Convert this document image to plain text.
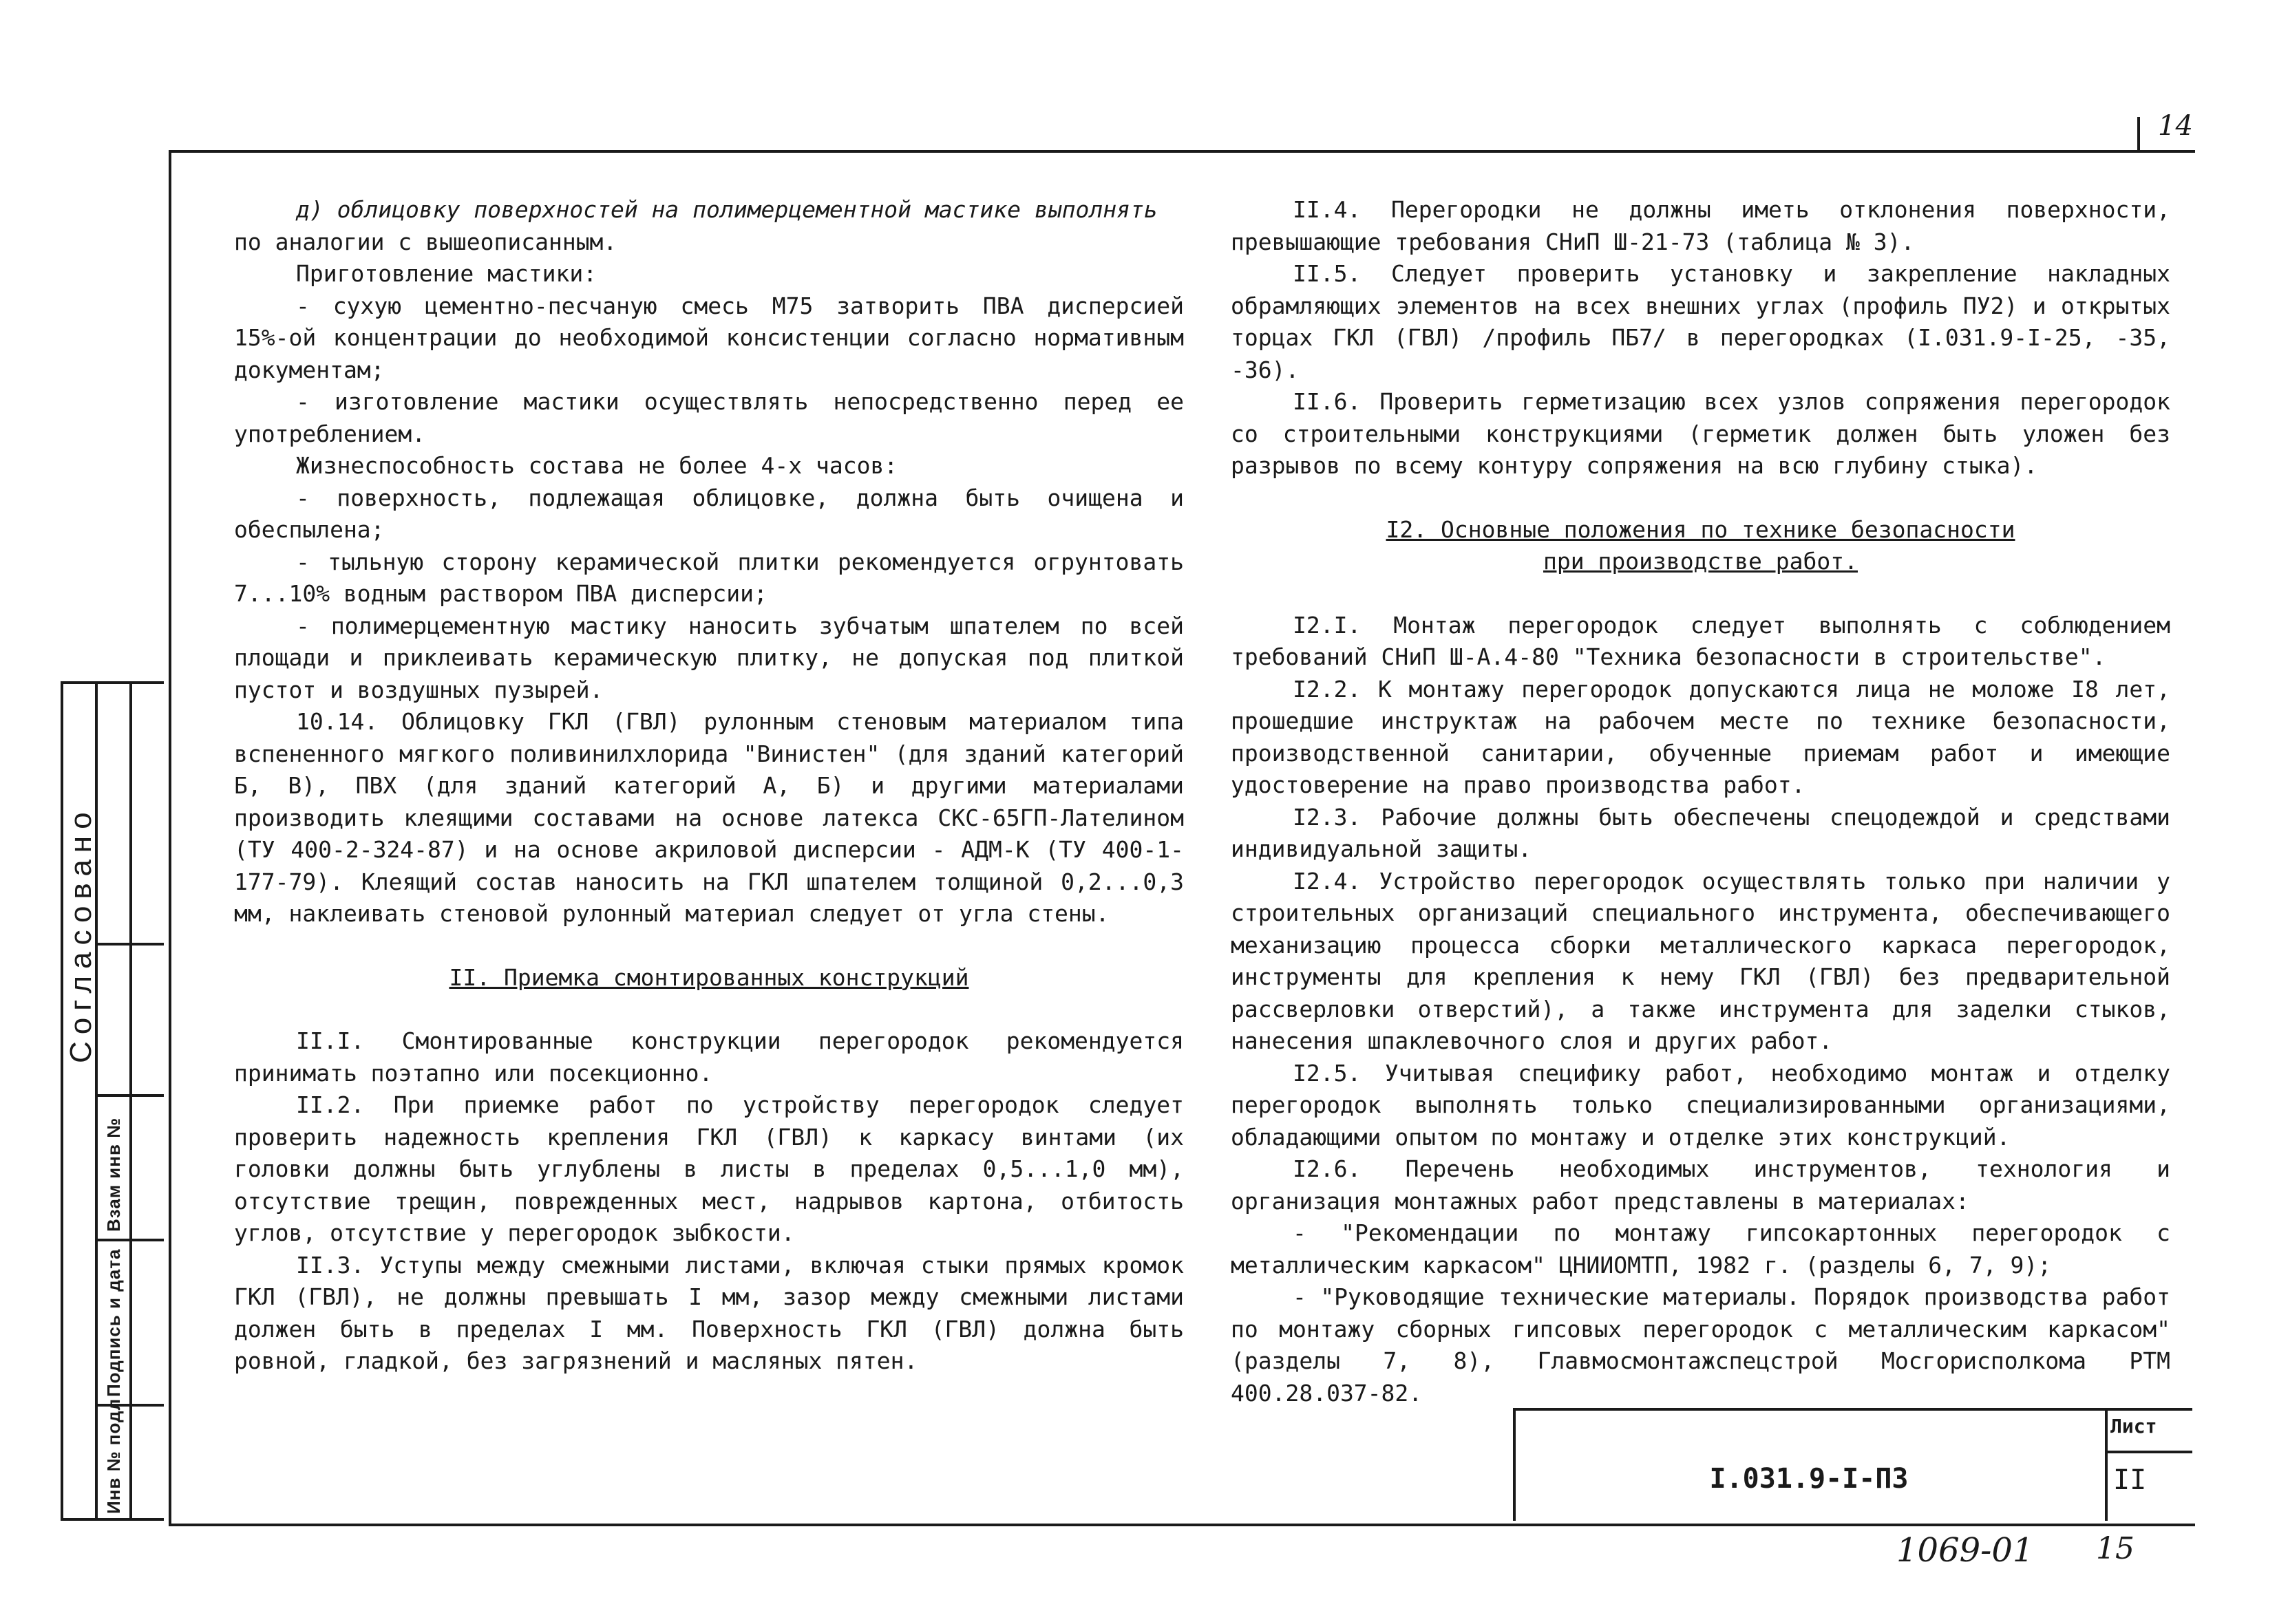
14

д) облицовку поверхностей на полимерцементной мастике выполнять

по аналогии с вышеописанным.

Приготовление мастики:

- сухую цементно-песчаную смесь М75 затворить ПВА дисперсией 15%-ой концентрации до необходимой консистенции согласно нормативным документам;

- изготовление мастики осуществлять непосредственно перед ее употреблением.

Жизнеспособность состава не более 4-х часов:

- поверхность, подлежащая облицовке, должна быть очищена и обеспылена;

- тыльную сторону керамической плитки рекомендуется огрунтовать 7...10% водным раствором ПВА дисперсии;

- полимерцементную мастику наносить зубчатым шпателем по всей площади и приклеивать керамическую плитку, не допуская под плиткой пустот и воздушных пузырей.

10.14. Облицовку ГКЛ (ГВЛ) рулонным стеновым материалом типа вспененного мягкого поливинилхлорида "Винистен" (для зданий категорий Б, В), ПВХ (для зданий категорий А, Б) и другими материалами производить клеящими составами на основе латекса СКС-65ГП-Лателином (ТУ 400-2-324-87) и на основе акриловой дисперсии - АДМ-К (ТУ 400-1-177-79). Клеящий состав наносить на ГКЛ шпателем толщиной 0,2...0,3 мм, наклеивать стеновой рулонный материал следует от угла стены.

II. Приемка смонтированных конструкций

II.I. Смонтированные конструкции перегородок рекомендуется принимать поэтапно или посекционно.

II.2. При приемке работ по устройству перегородок следует проверить надежность крепления ГКЛ (ГВЛ) к каркасу винтами (их головки должны быть углублены в листы в пределах 0,5...1,0 мм), отсутствие трещин, поврежденных мест, надрывов картона, отбитость углов, отсутствие у перегородок зыбкости.

II.3. Уступы между смежными листами, включая стыки прямых кромок ГКЛ (ГВЛ), не должны превышать I мм, зазор между смежными листами должен быть в пределах I мм. Поверхность ГКЛ (ГВЛ) должна быть ровной, гладкой, без загрязнений и масляных пятен.

II.4. Перегородки не должны иметь отклонения поверхности, превышающие требования СНиП Ш-21-73 (таблица № 3).

II.5. Следует проверить установку и закрепление накладных обрамляющих элементов на всех внешних углах (профиль ПУ2) и открытых торцах ГКЛ (ГВЛ) /профиль ПБ7/ в перегородках (I.031.9-I-25, -35, -36).

II.6. Проверить герметизацию всех узлов сопряжения перегородок со строительными конструкциями (герметик должен быть уложен без разрывов по всему контуру сопряжения на всю глубину стыка).

I2. Основные положения по технике безопасности

при производстве работ.

I2.I. Монтаж перегородок следует выполнять с соблюдением требований СНиП Ш-А.4-80 "Техника безопасности в строительстве".

I2.2. К монтажу перегородок допускаются лица не моложе I8 лет, прошедшие инструктаж на рабочем месте по технике безопасности, производственной санитарии, обученные приемам работ и имеющие удостоверение на право производства работ.

I2.3. Рабочие должны быть обеспечены спецодеждой и средствами индивидуальной защиты.

I2.4. Устройство перегородок осуществлять только при наличии у строительных организаций специального инструмента, обеспечивающего механизацию процесса сборки металлического каркаса перегородок, инструменты для крепления к нему ГКЛ (ГВЛ) без предварительной рассверловки отверстий), а также инструмента для заделки стыков, нанесения шпаклевочного слоя и других работ.

I2.5. Учитывая специфику работ, необходимо монтаж и отделку перегородок выполнять только специализированными организациями, обладающими опытом по монтажу и отделке этих конструкций.

I2.6. Перечень необходимых инструментов, технология и организация монтажных работ представлены в материалах:

- "Рекомендации по монтажу гипсокартонных перегородок с металлическим каркасом" ЦНИИОМТП, 1982 г. (разделы 6, 7, 9);

- "Руководящие технические материалы. Порядок производства работ по монтажу сборных гипсовых перегородок с металлическим каркасом" (разделы 7, 8), Главмосмонтажспецстрой Мосгорисполкома РТМ 400.28.037-82.

Согласовано
Инв № подл
Подпись и дата
Взам инв №
I.031.9-I-ПЗ
Лист
II
1069-01 15
